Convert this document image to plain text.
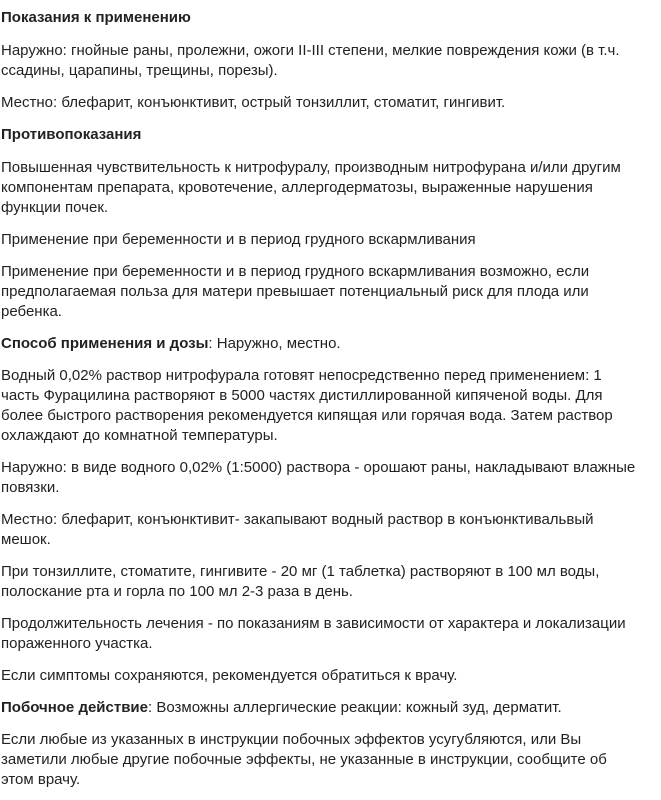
Показания к применению

Наружно: гнойные раны, пролежни, ожоги II-III степени, мелкие повреждения кожи (в т.ч. ссадины, царапины, трещины, порезы).

Местно: блефарит, конъюнктивит, острый тонзиллит, стоматит, гингивит.

Противопоказания

Повышенная чувствительность к нитрофуралу, производным нитрофурана и/или другим компонентам препарата, кровотечение, аллергодерматозы, выраженные нарушения функции почек.

Применение при беременности и в период грудного вскармливания

Применение при беременности и в период грудного вскармливания возможно, если предполагаемая польза для матери превышает потенциальный риск для плода или ребенка.

Способ применения и дозы: Наружно, местно.

Водный 0,02% раствор нитрофурала готовят непосредственно перед применением: 1 часть Фурацилина растворяют в 5000 частях дистиллированной кипяченой воды. Для более быстрого растворения рекомендуется кипящая или горячая вода. Затем раствор охлаждают до комнатной температуры.

Наружно: в виде водного 0,02% (1:5000) раствора - орошают раны, накладывают влажные повязки.

Местно: блефарит, конъюнктивит- закапывают водный раствор в конъюнктивальвый мешок.

При тонзиллите, стоматите, гингивите - 20 мг (1 таблетка) растворяют в 100 мл воды, полоскание рта и горла по 100 мл 2-3 раза в день.

Продолжительность лечения - по показаниям в зависимости от характера и локализации пораженного участка.

Если симптомы сохраняются, рекомендуется обратиться к врачу.

Побочное действие: Возможны аллергические реакции: кожный зуд, дерматит.

Если любые из указанных в инструкции побочных эффектов усугубляются, или Вы заметили любые другие побочные эффекты, не указанные в инструкции, сообщите об этом врачу.
